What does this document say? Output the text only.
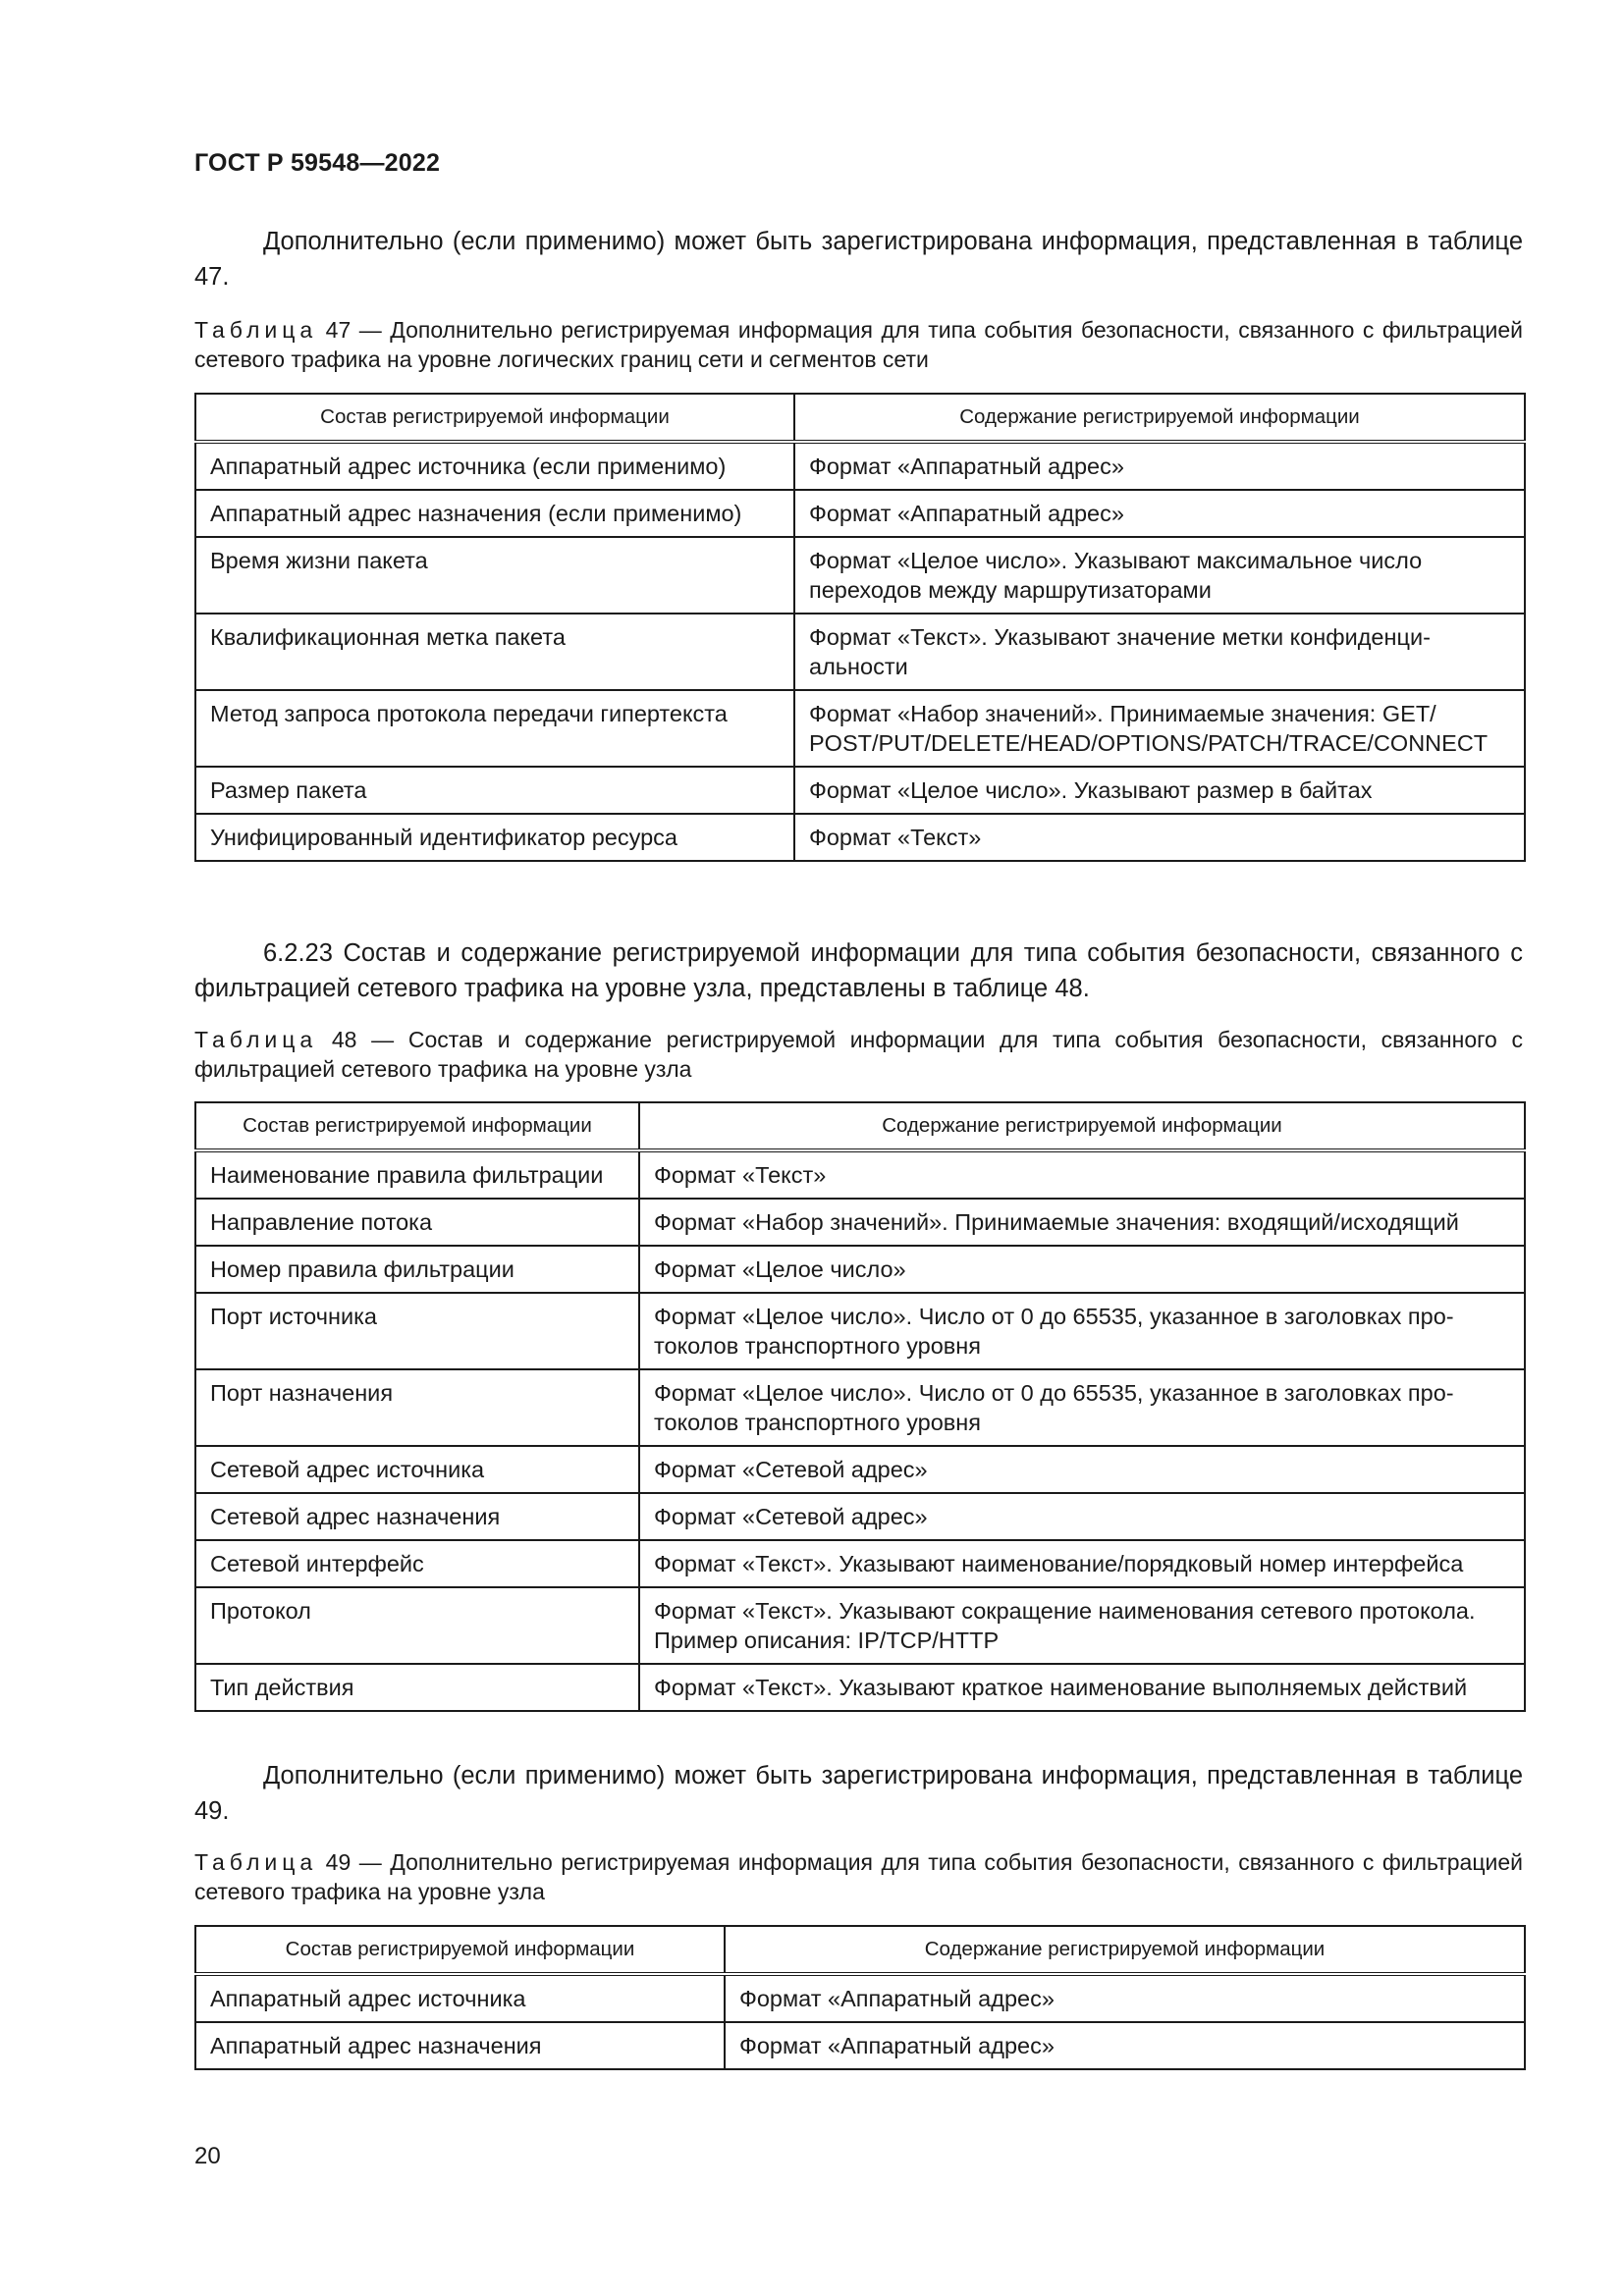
ГОСТ Р 59548—2022

Дополнительно (если применимо) может быть зарегистрирована информация, представленная в таблице 47.

Таблица 47 — Дополнительно регистрируемая информация для типа события безопасности, связанного с фильтрацией сетевого трафика на уровне логических границ сети и сегментов сети

Состав регистрируемой информации	Содержание регистрируемой информации
Аппаратный адрес источника (если применимо)	Формат «Аппаратный адрес»
Аппаратный адрес назначения (если применимо)	Формат «Аппаратный адрес»
Время жизни пакета	Формат «Целое число». Указывают максимальное число переходов между маршрутизаторами
Квалификационная метка пакета	Формат «Текст». Указывают значение метки конфиденциальности
Метод запроса протокола передачи гипертекста	Формат «Набор значений». Принимаемые значения: GET/ POST/PUT/DELETE/HEAD/OPTIONS/PATCH/TRACE/CONNECT
Размер пакета	Формат «Целое число». Указывают размер в байтах
Унифицированный идентификатор ресурса	Формат «Текст»

6.2.23 Состав и содержание регистрируемой информации для типа события безопасности, связанного с фильтрацией сетевого трафика на уровне узла, представлены в таблице 48.

Таблица 48 — Состав и содержание регистрируемой информации для типа события безопасности, связанного с фильтрацией сетевого трафика на уровне узла

Состав регистрируемой информации	Содержание регистрируемой информации
Наименование правила фильтрации	Формат «Текст»
Направление потока	Формат «Набор значений». Принимаемые значения: входящий/исходящий
Номер правила фильтрации	Формат «Целое число»
Порт источника	Формат «Целое число». Число от 0 до 65535, указанное в заголовках протоколов транспортного уровня
Порт назначения	Формат «Целое число». Число от 0 до 65535, указанное в заголовках протоколов транспортного уровня
Сетевой адрес источника	Формат «Сетевой адрес»
Сетевой адрес назначения	Формат «Сетевой адрес»
Сетевой интерфейс	Формат «Текст». Указывают наименование/порядковый номер интерфейса
Протокол	Формат «Текст». Указывают сокращение наименования сетевого протокола. Пример описания: IP/TCP/HTTP
Тип действия	Формат «Текст». Указывают краткое наименование выполняемых действий

Дополнительно (если применимо) может быть зарегистрирована информация, представленная в таблице 49.

Таблица 49 — Дополнительно регистрируемая информация для типа события безопасности, связанного с фильтрацией сетевого трафика на уровне узла

Состав регистрируемой информации	Содержание регистрируемой информации
Аппаратный адрес источника	Формат «Аппаратный адрес»
Аппаратный адрес назначения	Формат «Аппаратный адрес»
20
